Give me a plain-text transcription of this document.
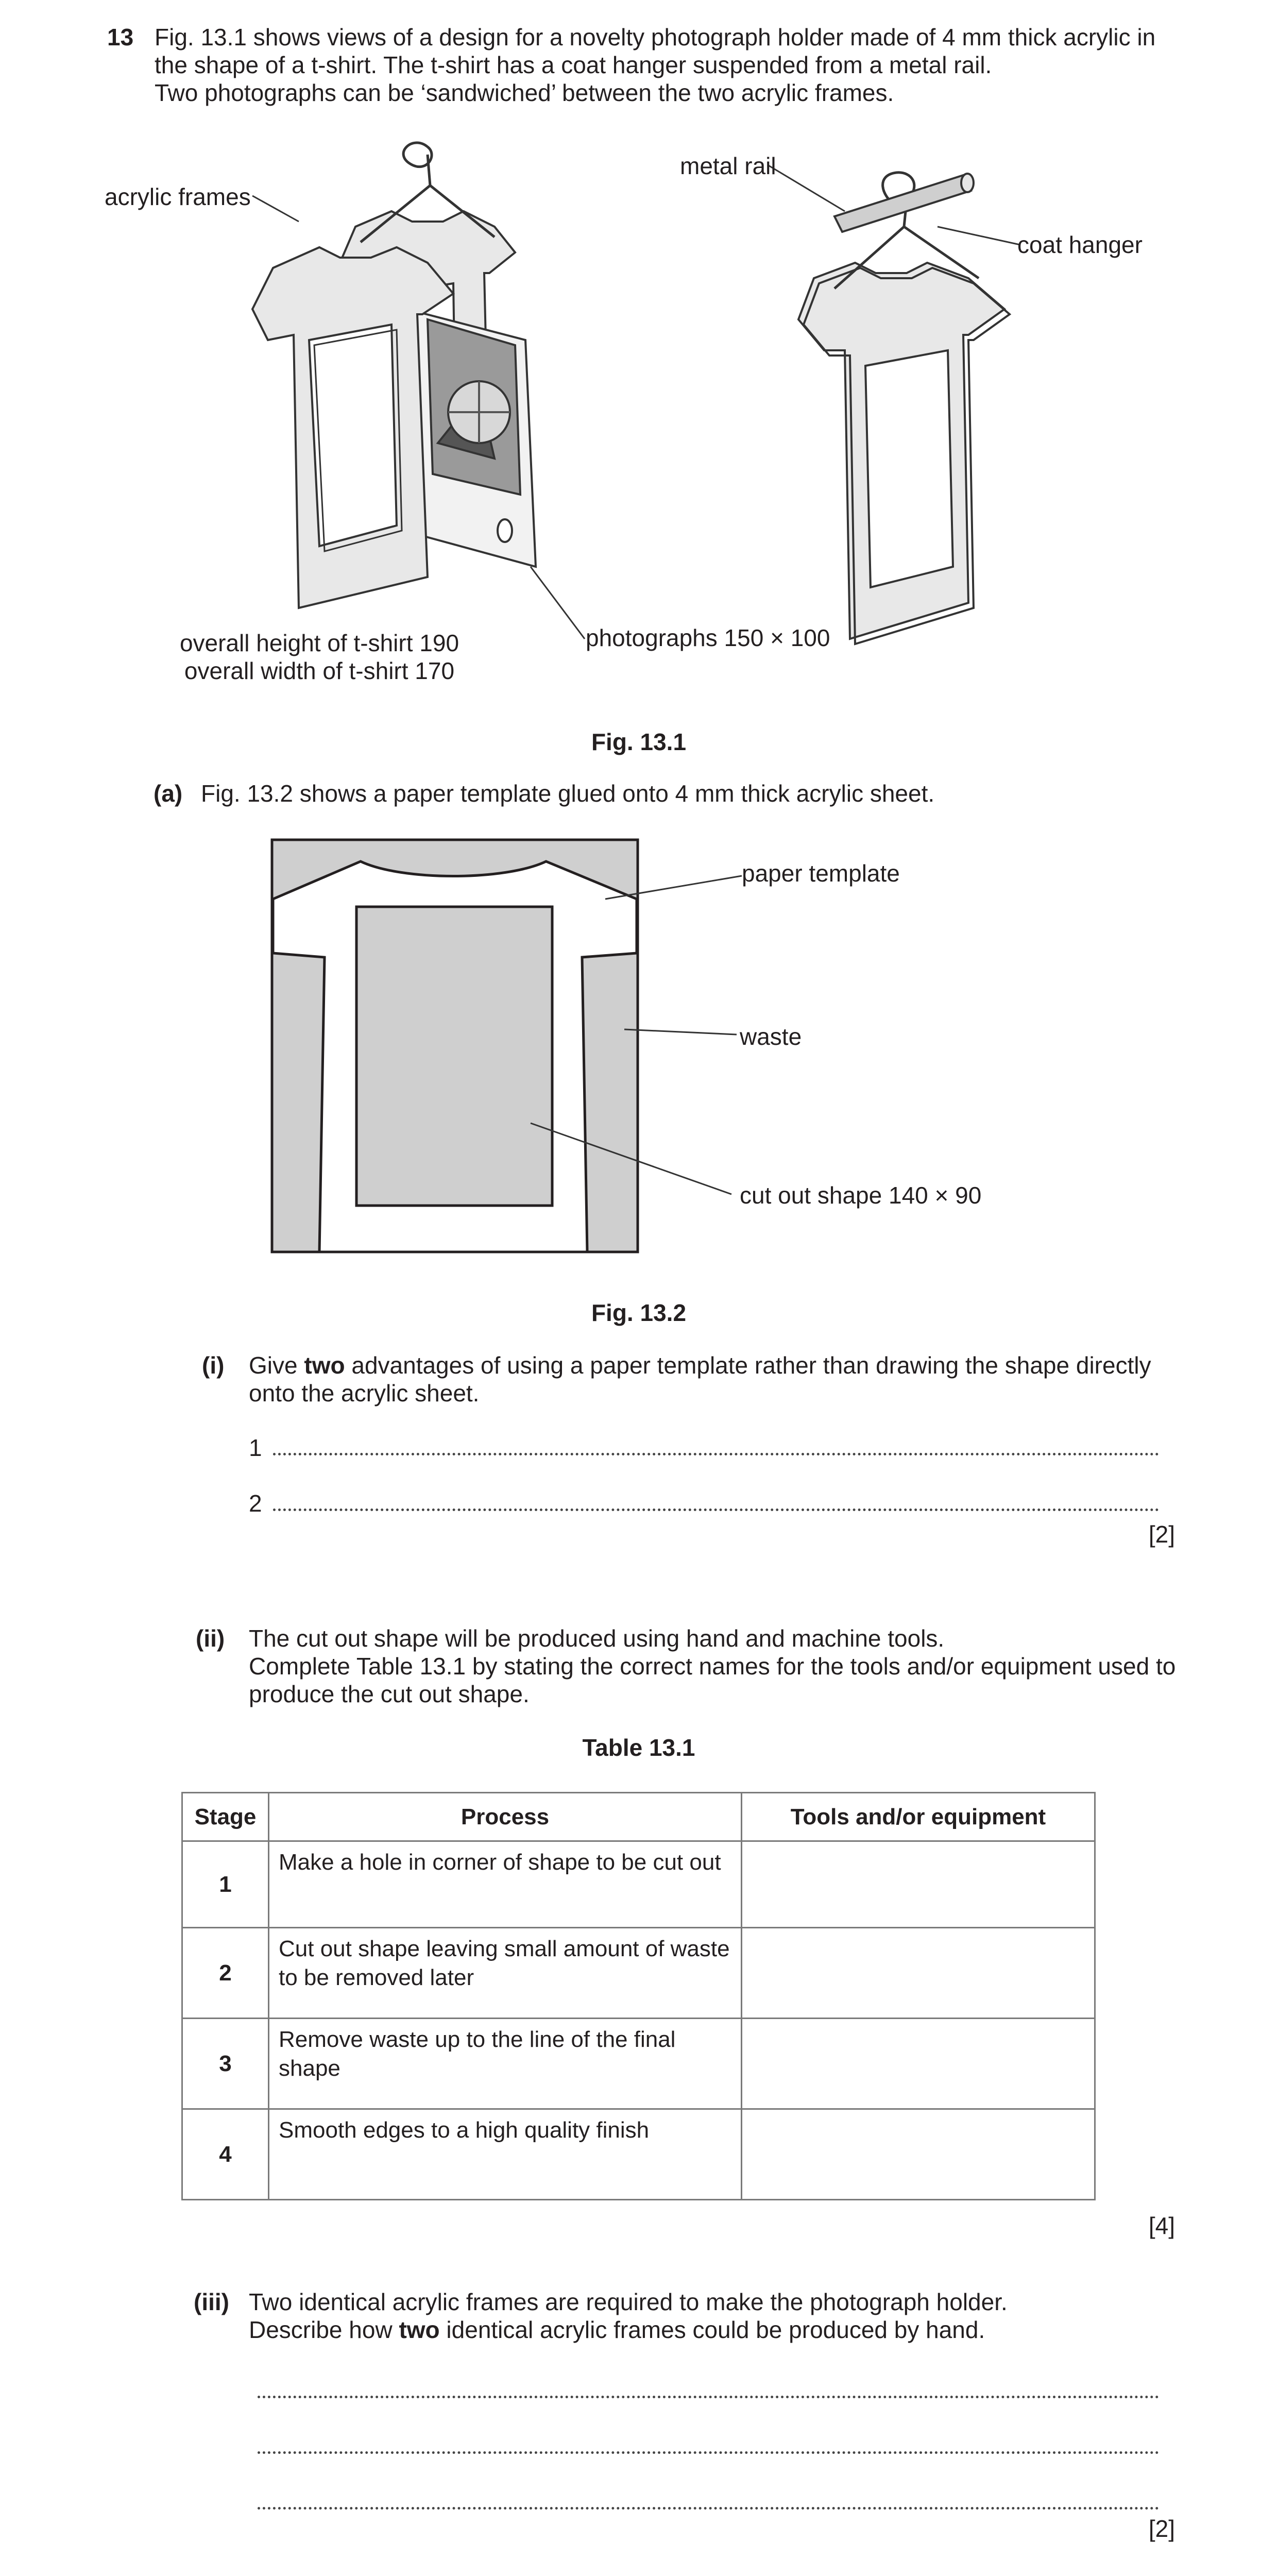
13 Fig. 13.1 shows views of a design for a novelty photograph holder made of 4 mm thick acrylic in
the shape of a t-shirt. The t-shirt has a coat hanger suspended from a metal rail.
Two photographs can be ‘sandwiched’ between the two acrylic frames.
acrylic frames
metal rail
coat hanger
photographs 150 × 100
overall height of t-shirt 190
overall width of t-shirt 170
Fig. 13.1
(a) Fig. 13.2 shows a paper template glued onto 4 mm thick acrylic sheet.
paper template
waste
cut out shape 140 × 90
Fig. 13.2
(i) Give two advantages of using a paper template rather than drawing the shape directly
onto the acrylic sheet.
1
2
[2]
(ii) The cut out shape will be produced using hand and machine tools.
Complete Table 13.1 by stating the correct names for the tools and/or equipment used to
produce the cut out shape.
Table 13.1
Stage	Process	Tools and/or equipment
1	Make a hole in corner of shape to be cut out	
2	Cut out shape leaving small amount of waste to be removed later	
3	Remove waste up to the line of the final shape	
4	Smooth edges to a high quality finish	
[4]
(iii) Two identical acrylic frames are required to make the photograph holder.
Describe how two identical acrylic frames could be produced by hand.
[2]
